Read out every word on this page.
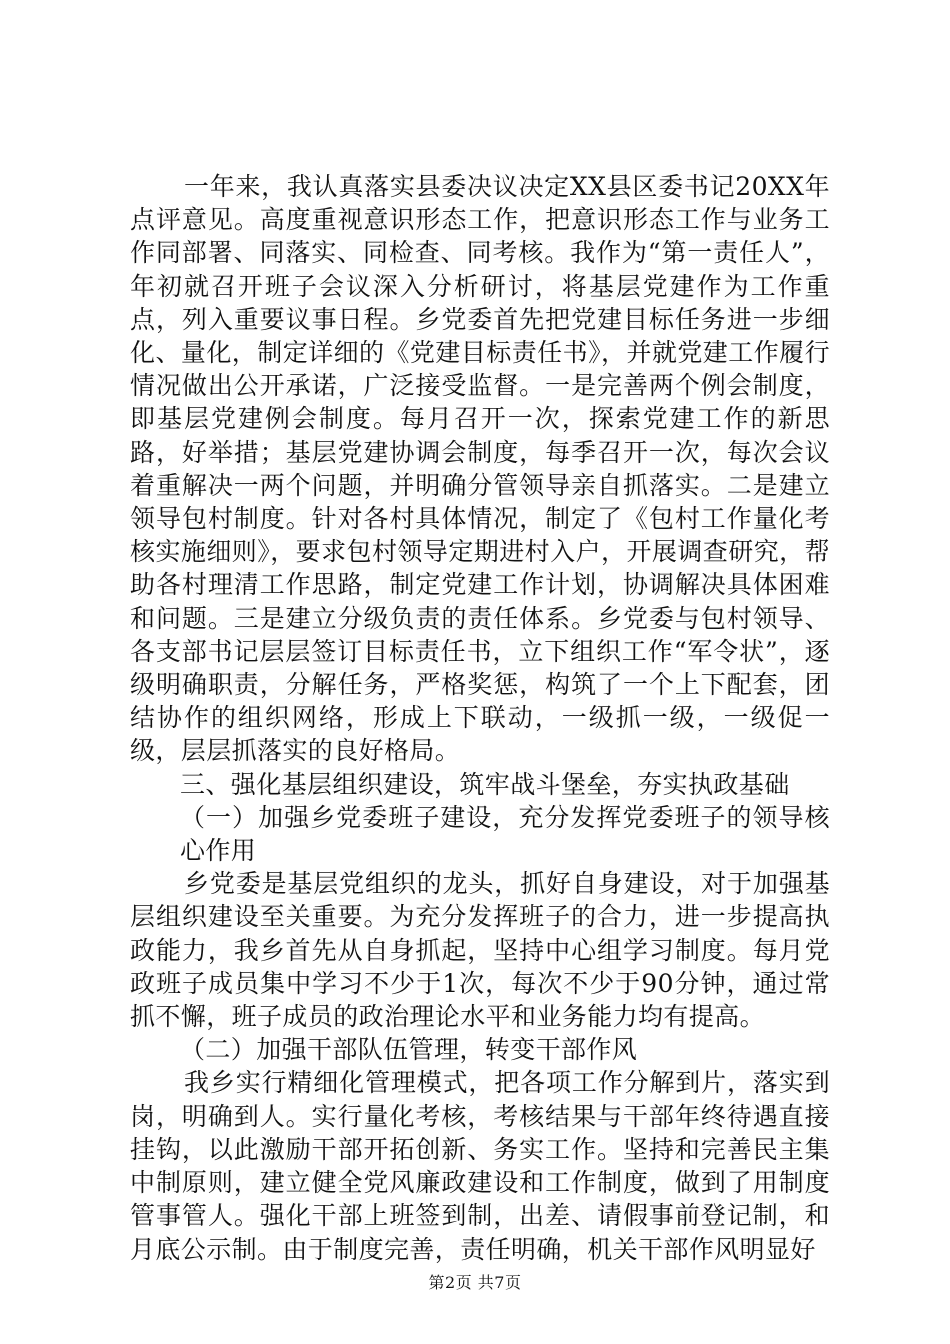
一年来，我认真落实县委决议决定XX县区委书记20XX年点评意见。高度重视意识形态工作，把意识形态工作与业务工作同部署、同落实、同检查、同考核。我作为“第一责任人”，年初就召开班子会议深入分析研讨，将基层党建作为工作重点，列入重要议事日程。乡党委首先把党建目标任务进一步细化、量化，制定详细的《党建目标责任书》，并就党建工作履行情况做出公开承诺，广泛接受监督。一是完善两个例会制度，即基层党建例会制度。每月召开一次，探索党建工作的新思路，好举措；基层党建协调会制度，每季召开一次，每次会议着重解决一两个问题，并明确分管领导亲自抓落实。二是建立领导包村制度。针对各村具体情况，制定了《包村工作量化考核实施细则》，要求包村领导定期进村入户，开展调查研究，帮助各村理清工作思路，制定党建工作计划，协调解决具体困难和问题。三是建立分级负责的责任体系。乡党委与包村领导、各支部书记层层签订目标责任书，立下组织工作“军令状”，逐级明确职责，分解任务，严格奖惩，构筑了一个上下配套，团结协作的组织网络，形成上下联动，一级抓一级，一级促一级，层层抓落实的良好格局。

三、强化基层组织建设，筑牢战斗堡垒，夯实执政基础

（一）加强乡党委班子建设，充分发挥党委班子的领导核心作用

乡党委是基层党组织的龙头，抓好自身建设，对于加强基层组织建设至关重要。为充分发挥班子的合力，进一步提高执政能力，我乡首先从自身抓起，坚持中心组学习制度。每月党政班子成员集中学习不少于1次，每次不少于90分钟，通过常抓不懈，班子成员的政治理论水平和业务能力均有提高。

（二）加强干部队伍管理，转变干部作风

我乡实行精细化管理模式，把各项工作分解到片，落实到岗，明确到人。实行量化考核，考核结果与干部年终待遇直接挂钩，以此激励干部开拓创新、务实工作。坚持和完善民主集中制原则，建立健全党风廉政建设和工作制度，做到了用制度管事管人。强化干部上班签到制，出差、请假事前登记制，和月底公示制。由于制度完善，责任明确，机关干部作风明显好

第2页 共7页
